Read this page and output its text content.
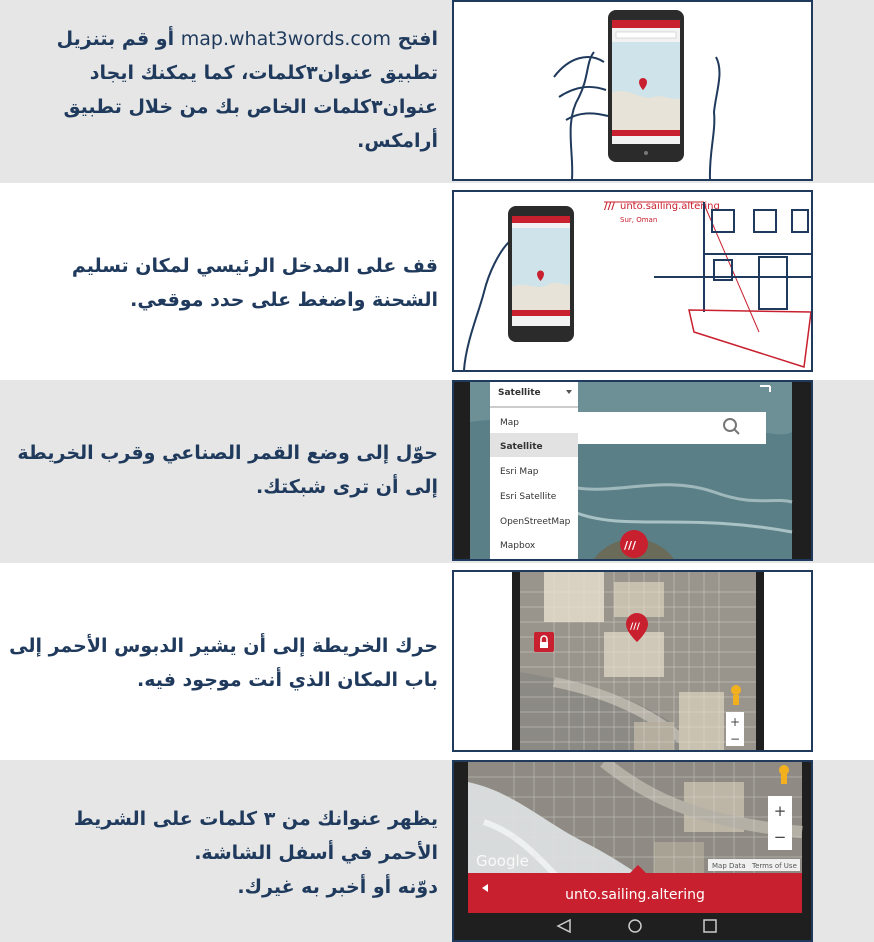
افتح map.what3words.com أو قم بتنزيل
تطبيق عنوان٣كلمات، كما يمكنك ايجاد
عنوان٣كلمات الخاص بك من خلال تطبيق
أرامكس.
قف على المدخل الرئيسي لمكان تسليم
الشحنة واضغط على حدد موقعي.
/// unto.sailing.altering
Sur, Oman
حوّل إلى وضع القمر الصناعي وقرب الخريطة
إلى أن ترى شبكتك.
Satellite
Map
Satellite
Esri Map
Esri Satellite
OpenStreetMap
Mapbox	///
حرك الخريطة إلى أن يشير الدبوس الأحمر إلى
باب المكان الذي أنت موجود فيه.
///
+
−
يظهر عنوانك من ٣ كلمات على الشريط
الأحمر في أسفل الشاشة.
دوّنه أو أخبر به غيرك.
+
−
Google	Map Data Terms of Use
unto.sailing.altering
